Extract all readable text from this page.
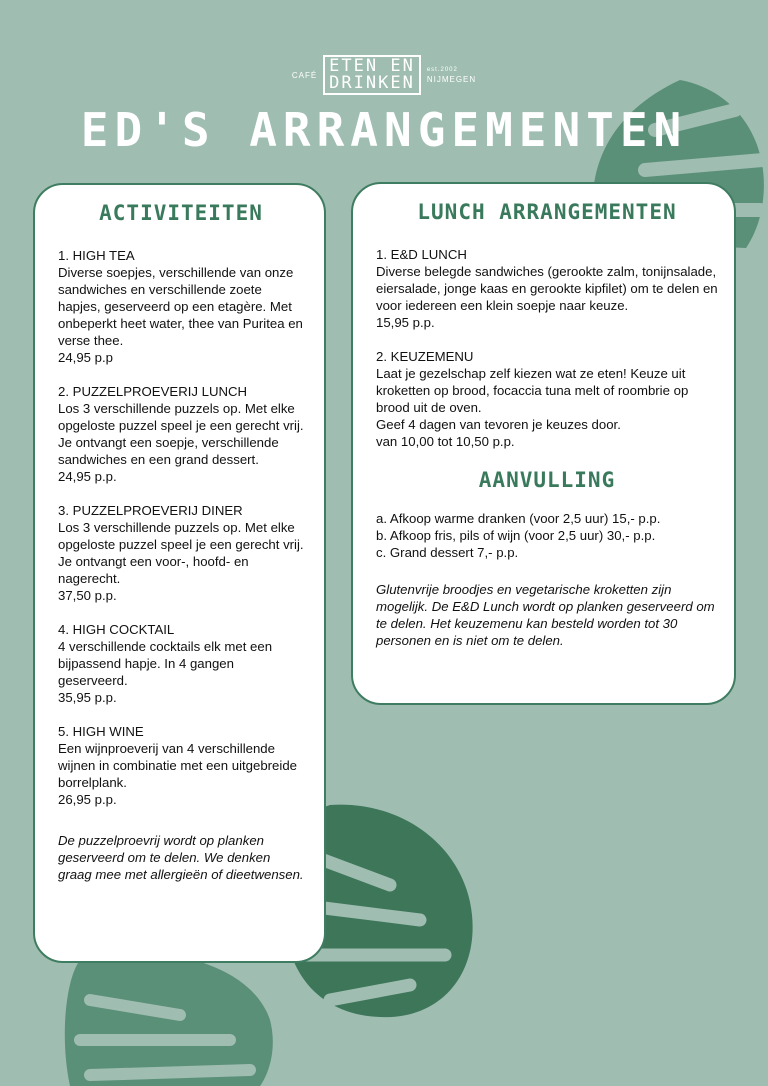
CAFÉ ETEN EN
DRINKEN
est.2002
NIJMEGEN
ED'S ARRANGEMENTEN
ACTIVITEITEN
1. HIGH TEA
Diverse soepjes, verschillende van onze sandwiches en verschillende zoete hapjes, geserveerd op een etagère. Met onbeperkt heet water, thee van Puritea en verse thee.
24,95 p.p
2. PUZZELPROEVERIJ LUNCH
Los 3 verschillende puzzels op. Met elke opgeloste puzzel speel je een gerecht vrij. Je ontvangt een soepje, verschillende sandwiches en een grand dessert.
24,95 p.p.
3. PUZZELPROEVERIJ DINER
Los 3 verschillende puzzels op. Met elke opgeloste puzzel speel je een gerecht vrij. Je ontvangt een voor-, hoofd- en nagerecht.
37,50 p.p.
4. HIGH COCKTAIL
4 verschillende cocktails elk met een bijpassend hapje. In 4 gangen geserveerd.
35,95 p.p.
5. HIGH WINE
Een wijnproeverij van 4 verschillende wijnen in combinatie met een uitgebreide borrelplank.
26,95 p.p.
De puzzelproevrij wordt op planken geserveerd om te delen. We denken graag mee met allergieën of dieetwensen.
LUNCH ARRANGEMENTEN
1. E&D LUNCH
Diverse belegde sandwiches (gerookte zalm, tonijnsalade, eiersalade, jonge kaas en gerookte kipfilet) om te delen en voor iedereen een klein soepje naar keuze.
15,95 p.p.
2. KEUZEMENU
Laat je gezelschap zelf kiezen wat ze eten! Keuze uit kroketten op brood, focaccia tuna melt of roombrie op brood uit de oven.
Geef 4 dagen van tevoren je keuzes door.
van 10,00 tot 10,50 p.p.
AANVULLING
a. Afkoop warme dranken (voor 2,5 uur) 15,- p.p.
b. Afkoop fris, pils of wijn (voor 2,5 uur) 30,- p.p.
c. Grand dessert 7,- p.p.
Glutenvrije broodjes en vegetarische kroketten zijn mogelijk. De E&D Lunch wordt op planken geserveerd om te delen. Het keuzemenu kan besteld worden tot 30 personen en is niet om te delen.
